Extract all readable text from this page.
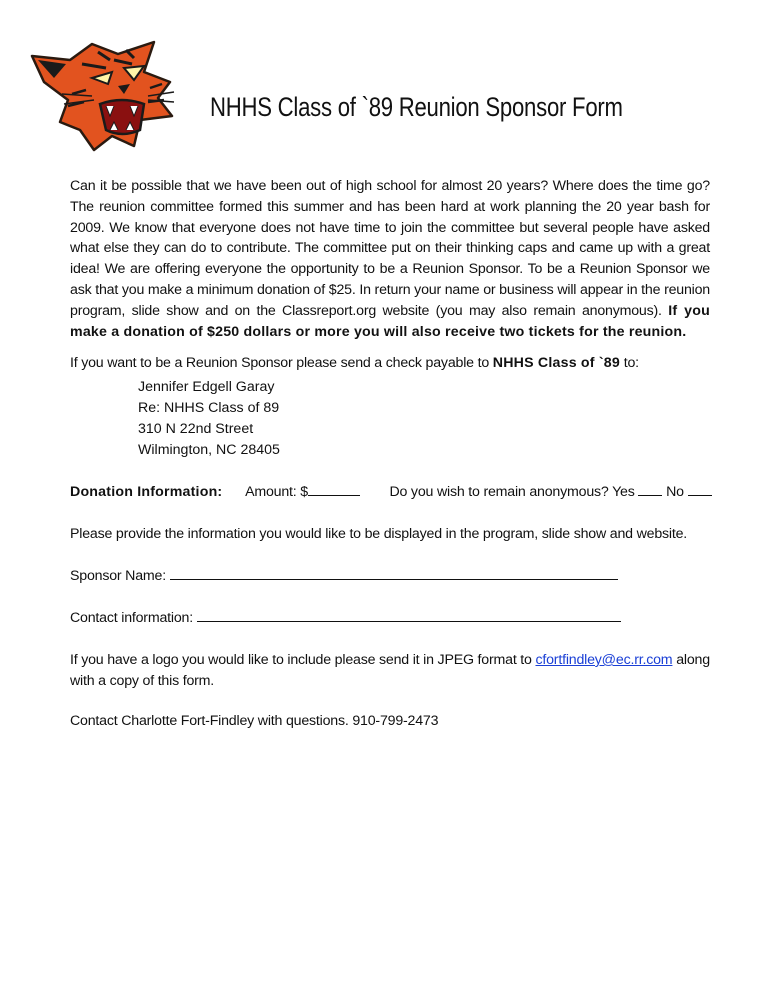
NHHS Class of `89 Reunion Sponsor Form
Can it be possible that we have been out of high school for almost 20 years? Where does the time go? The reunion committee formed this summer and has been hard at work planning the 20 year bash for 2009. We know that everyone does not have time to join the committee but several people have asked what else they can do to contribute. The committee put on their thinking caps and came up with a great idea! We are offering everyone the opportunity to be a Reunion Sponsor. To be a Reunion Sponsor we ask that you make a minimum donation of $25. In return your name or business will appear in the reunion program, slide show and on the Classreport.org website (you may also remain anonymous). If you make a donation of $250 dollars or more you will also receive two tickets for the reunion.
If you want to be a Reunion Sponsor please send a check payable to NHHS Class of `89 to:
Jennifer Edgell Garay
Re: NHHS Class of 89
310 N 22nd Street
Wilmington, NC 28405
Donation Information: Amount: $	Do you wish to remain anonymous? Yes No
Please provide the information you would like to be displayed in the program, slide show and website.
Sponsor Name:
Contact information:
If you have a logo you would like to include please send it in JPEG format to cfortfindley@ec.rr.com along with a copy of this form.
Contact Charlotte Fort-Findley with questions. 910-799-2473
